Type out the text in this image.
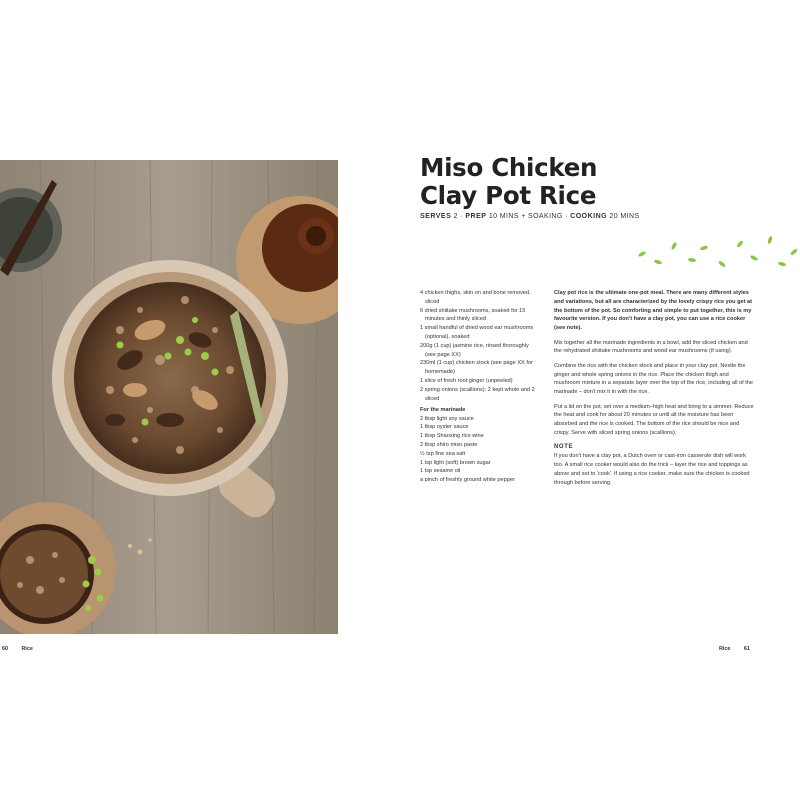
Miso Chicken
Clay Pot Rice
SERVES 2 · PREP 10 MINS + SOAKING · COOKING 20 MINS
4 chicken thighs, skin on and bone removed, sliced
6 dried shiitake mushrooms, soaked for 15 minutes and thinly sliced
1 small handful of dried wood ear mushrooms (optional), soaked
200g (1 cup) jasmine rice, rinsed thoroughly (see page XX)
230ml (1 cup) chicken stock (see page XX for homemade)
1 slice of fresh root ginger (unpeeled)
2 spring onions (scallions): 2 kept whole and 2 sliced
For the marinade
2 tbsp light soy sauce
1 tbsp oyster sauce
1 tbsp Shaoxing rice wine
2 tbsp shiro miso paste
½ tsp fine sea salt
1 tsp light (soft) brown sugar
1 tsp sesame oil
a pinch of freshly ground white pepper

Clay pot rice is the ultimate one-pot meal. There are many different styles and variations, but all are characterized by the lovely crispy rice you get at the bottom of the pot. So comforting and simple to put together, this is my favourite version. If you don't have a clay pot, you can use a rice cooker (see note).

Mix together all the marinade ingredients in a bowl, add the sliced chicken and the rehydrated shiitake mushrooms and wood ear mushrooms (if using).

Combine the rice with the chicken stock and place in your clay pot. Nestle the ginger and whole spring onions in the rice. Place the chicken thigh and mushroom mixture in a separate layer over the top of the rice, including all of the marinade – don't mix it in with the rice.

Put a lid on the pot, set over a medium–high heat and bring to a simmer. Reduce the heat and cook for about 20 minutes or until all the moisture has been absorbed and the rice is cooked. The bottom of the rice should be nice and crispy. Serve with sliced spring onions (scallions).

NOTE

If you don't have a clay pot, a Dutch oven or cast-iron casserole dish will work too. A small rice cooker would also do the trick – layer the rice and toppings as above and set to 'cook'. If using a rice cooker, make sure the chicken is cooked through before serving.

60	Rice	Rice	61
